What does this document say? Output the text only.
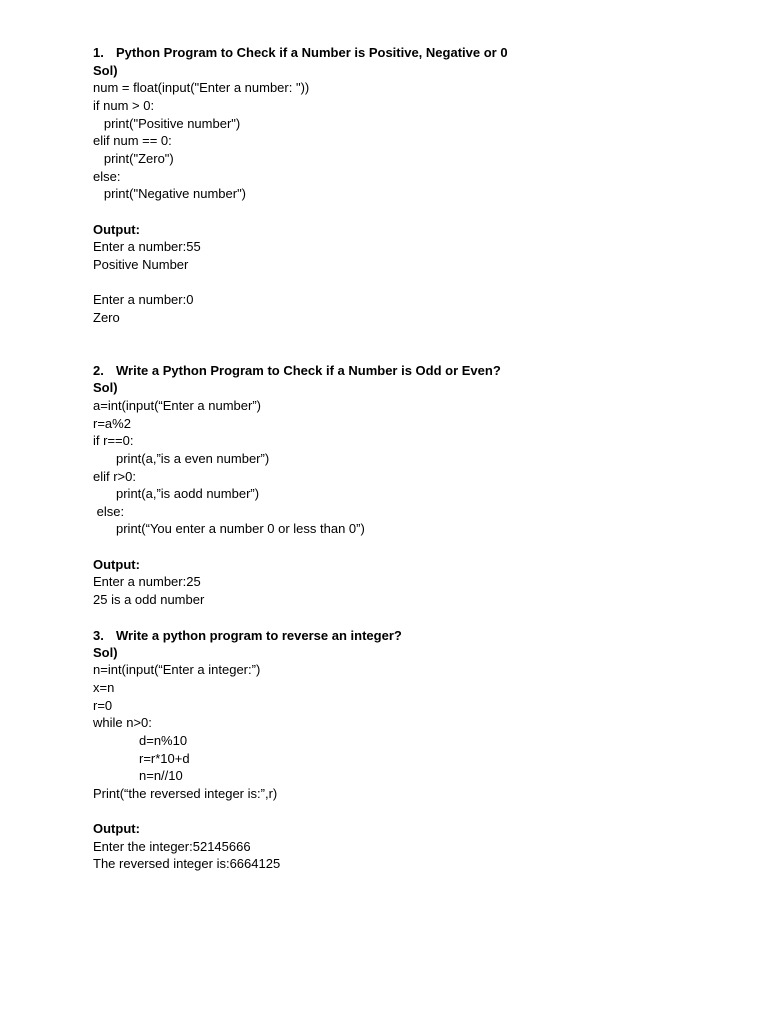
1. Python Program to Check if a Number is Positive, Negative or 0
Sol)
num = float(input("Enter a number: "))
if num > 0:
print("Positive number")
elif num == 0:
print("Zero")
else:
print("Negative number")
Output:
Enter a number:55
Positive Number
Enter a number:0
Zero
2. Write a Python Program to Check if a Number is Odd or Even?
Sol)
a=int(input(“Enter a number”)
r=a%2
if r==0:
print(a,”is a even number”)
elif r>0:
print(a,”is aodd number”)
else:
print(“You enter a number 0 or less than 0”)
Output:
Enter a number:25
25 is a odd number
3. Write a python program to reverse an integer?
Sol)
n=int(input(“Enter a integer:”)
x=n
r=0
while n>0:
d=n%10
r=r*10+d
n=n//10
Print(“the reversed integer is:”,r)
Output:
Enter the integer:52145666
The reversed integer is:6664125
